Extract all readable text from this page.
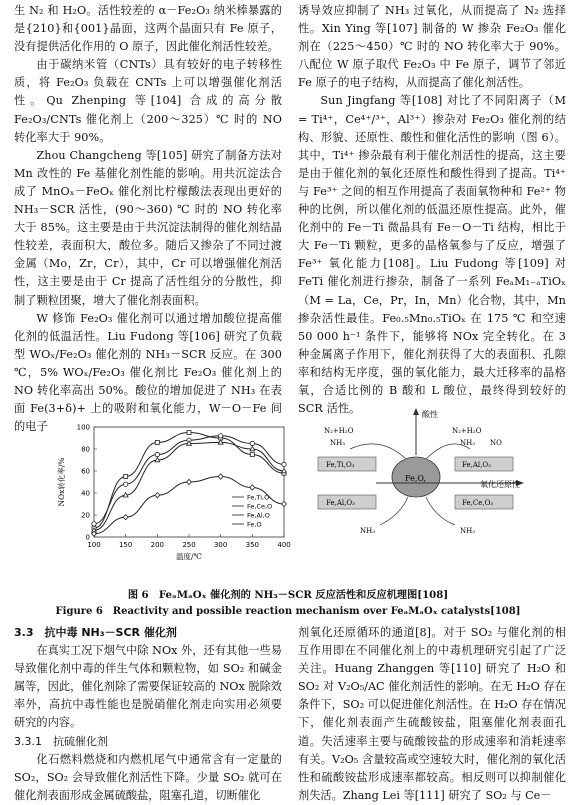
生 N₂ 和 H₂O。活性较差的 α－Fe₂O₃ 纳米棒暴露的是{210}和{001}晶面，这两个晶面只有 Fe 原子，没有提供活化作用的 O 原子，因此催化剂活性较差。

由于碳纳米管（CNTs）具有较好的电子转移性质，将 Fe₂O₃ 负载在 CNTs 上可以增强催化剂活性。Qu Zhenping 等[104] 合成的高分散 Fe₂O₃/CNTs 催化剂上（200～325）℃ 时的 NO 转化率大于 90%。

Zhou Changcheng 等[105] 研究了制备方法对 Mn 改性的 Fe 基催化剂性能的影响。用共沉淀法合成了 MnOₓ－FeOₓ 催化剂比柠檬酸法表现出更好的 NH₃－SCR 活性，(90～360) ℃ 时的 NO 转化率大于 85%。这主要是由于共沉淀法制得的催化剂结晶性较差，表面积大，酸位多。随后又掺杂了不同过渡金属（Mo，Zr，Cr），其中，Cr 可以增强催化剂活性，这主要是由于 Cr 提高了活性组分的分散性，抑制了颗粒团聚，增大了催化剂表面积。

W 修饰 Fe₂O₃ 催化剂可以通过增加酸位提高催化剂的低温活性。Liu Fudong 等[106] 研究了负载型 WOₓ/Fe₂O₃ 催化剂的 NH₃－SCR 反应。在 300 ℃，5% WOₓ/Fe₂O₃ 催化剂比 Fe₂O₃ 催化剂上的 NO 转化率高出 50%。酸位的增加促进了 NH₃ 在表面 Fe(3+δ)+ 上的吸附和氧化能力，W－O－Fe 间的电子

诱导效应抑制了 NH₃ 过氧化，从而提高了 N₂ 选择性。Xin Ying 等[107] 制备的 W 掺杂 Fe₂O₃ 催化剂在（225～450）℃ 时的 NO 转化率大于 90%。八配位 W 原子取代 Fe₂O₃ 中 Fe 原子，调节了邻近 Fe 原子的电子结构，从而提高了催化剂活性。

Sun Jingfang 等[108] 对比了不同阳离子（M = Ti⁴⁺，Ce⁴⁺/³⁺，Al³⁺）掺杂对 Fe₂O₃ 催化剂的结构、形貌、还原性、酸性和催化活性的影响（图 6）。其中，Ti⁴⁺ 掺杂最有利于催化剂活性的提高，这主要是由于催化剂的氧化还原性和酸性得到了提高。Ti⁴⁺ 与 Fe³⁺ 之间的相互作用提高了表面氧物种和 Fe²⁺ 物种的比例，所以催化剂的低温还原性提高。此外，催化剂中的 Fe－Ti 微晶具有 Fe－O－Ti 结构，相比于大 Fe－Ti 颗粒，更多的晶格氧参与了反应，增强了 Fe³⁺ 氧化能力[108]。Liu Fudong 等[109] 对 FeTi 催化剂进行掺杂，制备了一系列 FeₐM₁₋ₐTiOₓ（M = La，Ce，Pr，In，Mn）化合物，其中，Mn 掺杂活性最佳。Fe₀.₅Mn₀.₅TiOₓ 在 175 ℃ 和空速 50 000 h⁻¹ 条件下，能够将 NOx 完全转化。在 3 种金属离子作用下，催化剂获得了大的表面积、孔隙率和结构无序度，强的氧化能力，最大迁移率的晶格氧，合适比例的 B 酸和 L 酸位，最终得到较好的 SCR 活性。

100	150	200	250	300	350	400
0
20
40
60
80
100
温度/℃
NOx转化率/%	Fe,Ti,O
Fe,Ce,O
Fe,Al,O
Fe,O
酸性
氧化还原性
N₂+H₂O
NH₃
Fe,Ti,O₃
Fe,Al,O₃
Fe,O,
N₂+H₂O
NH₃ NO
Fe,Al,O₃
Fe,Ce,O₃
NH₃	NH₃
图 6　FeₐMₐOₓ 催化剂的 NH₃－SCR 反应活性和反应机理图[108]
Figure 6　Reactivity and possible reaction mechanism over FeₐMₐOₓ catalysts[108]

3.3　抗中毒 NH₃－SCR 催化剂

在真实工况下烟气中除 NOx 外，还有其他一些易导致催化剂中毒的伴生气体和颗粒物，如 SO₂ 和碱金属等，因此，催化剂除了需要保证较高的 NOx 脱除效率外，高抗中毒性能也是脱硝催化剂走向实用必须要研究的内容。

3.3.1　抗硫催化剂

化石燃料燃烧和内燃机尾气中通常含有一定量的 SO₂，SO₂ 会导致催化剂活性下降。少量 SO₂ 就可在催化剂表面形成金属硫酸盐，阻塞孔道，切断催化

剂氧化还原循环的通道[8]。对于 SO₂ 与催化剂的相互作用即在不同催化剂上的中毒机理研究引起了广泛关注。Huang Zhanggen 等[110] 研究了 H₂O 和 SO₂ 对 V₂O₅/AC 催化剂活性的影响。在无 H₂O 存在条件下，SO₂ 可以促进催化剂活性。在 H₂O 存在情况下，催化剂表面产生硫酸铵盐，阻塞催化剂表面孔道。失活速率主要与硫酸铵盐的形成速率和消耗速率有关。V₂O₅ 含量较高或空速较大时，催化剂的氧化活性和硫酸铵盐形成速率都较高。相反则可以抑制催化剂失活。Zhang Lei 等[111] 研究了 SO₂ 与 Ce－
